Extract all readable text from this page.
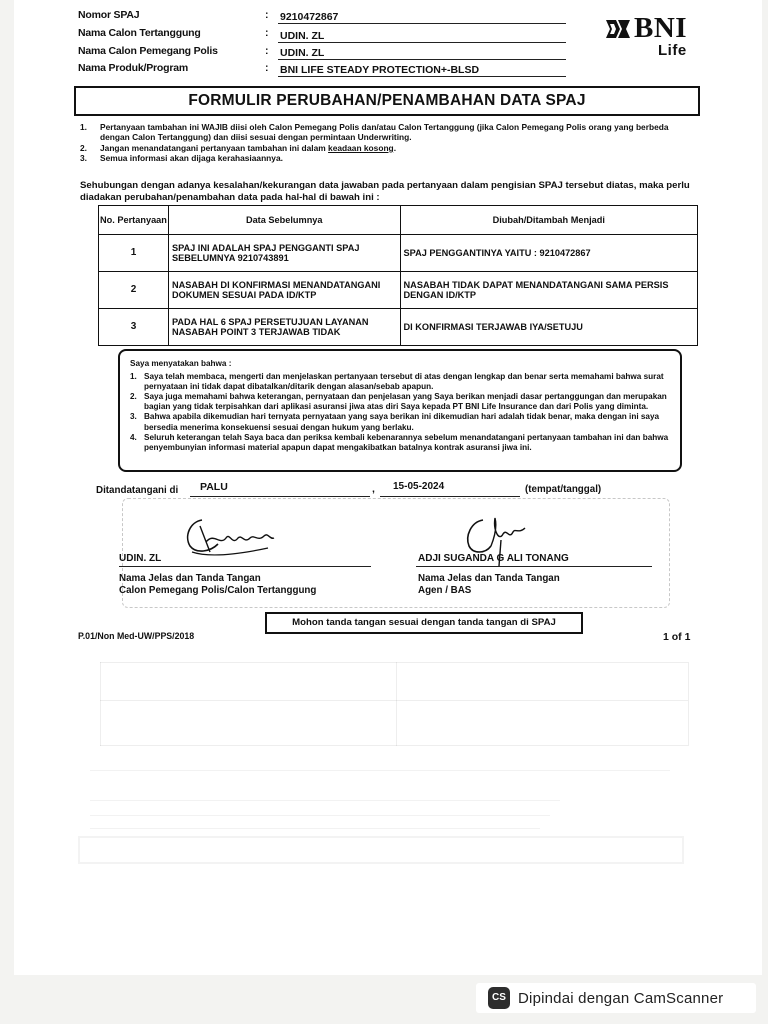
Nomor SPAJ	: 9210472867
Nama Calon Tertanggung	: UDIN. ZL
Nama Calon Pemegang Polis	: UDIN. ZL
Nama Produk/Program	: BNI LIFE STEADY PROTECTION+-BLSD
BNI
Life
FORMULIR PERUBAHAN/PENAMBAHAN DATA SPAJ
1.	Pertanyaan tambahan ini WAJIB diisi oleh Calon Pemegang Polis dan/atau Calon Tertanggung (jika Calon Pemegang Polis orang yang berbeda dengan Calon Tertanggung) dan diisi sesuai dengan permintaan Underwriting.
2.	Jangan menandatangani pertanyaan tambahan ini dalam keadaan kosong.
3.	Semua informasi akan dijaga kerahasiaannya.
Sehubungan dengan adanya kesalahan/kekurangan data jawaban pada pertanyaan dalam pengisian SPAJ tersebut diatas, maka perlu diadakan perubahan/penambahan data pada hal-hal di bawah ini :
No. Pertanyaan	Data Sebelumnya	Diubah/Ditambah Menjadi
1	SPAJ INI ADALAH SPAJ PENGGANTI SPAJ SEBELUMNYA 9210743891	SPAJ PENGGANTINYA YAITU : 9210472867
2	NASABAH DI KONFIRMASI MENANDATANGANI DOKUMEN SESUAI PADA ID/KTP	NASABAH TIDAK DAPAT MENANDATANGANI SAMA PERSIS DENGAN ID/KTP
3	PADA HAL 6 SPAJ PERSETUJUAN LAYANAN NASABAH POINT 3 TERJAWAB TIDAK	DI KONFIRMASI TERJAWAB IYA/SETUJU
Saya menyatakan bahwa :
1. Saya telah membaca, mengerti dan menjelaskan pertanyaan tersebut di atas dengan lengkap dan benar serta memahami bahwa surat pernyataan ini tidak dapat dibatalkan/ditarik dengan alasan/sebab apapun.
2. Saya juga memahami bahwa keterangan, pernyataan dan penjelasan yang Saya berikan menjadi dasar pertanggungan dan merupakan bagian yang tidak terpisahkan dari aplikasi asuransi jiwa atas diri Saya kepada PT BNI Life Insurance dan dari Polis yang diminta.
3. Bahwa apabila dikemudian hari ternyata pernyataan yang saya berikan ini dikemudian hari adalah tidak benar, maka dengan ini saya bersedia menerima konsekuensi sesuai dengan hukum yang berlaku.
4. Seluruh keterangan telah Saya baca dan periksa kembali kebenarannya sebelum menandatangani pertanyaan tambahan ini dan bahwa penyembunyian informasi material apapun dapat mengakibatkan batalnya kontrak asuransi jiwa ini.
Ditandatangani di PALU	, 15-05-2024	(tempat/tanggal)
UDIN. ZL
Nama Jelas dan Tanda Tangan
Calon Pemegang Polis/Calon Tertanggung
ADJI SUGANDA G ALI TONANG
Nama Jelas dan Tanda Tangan
Agen / BAS
Mohon tanda tangan sesuai dengan tanda tangan di SPAJ
P.01/Non Med-UW/PPS/2018	1 of 1
CS Dipindai dengan CamScanner
